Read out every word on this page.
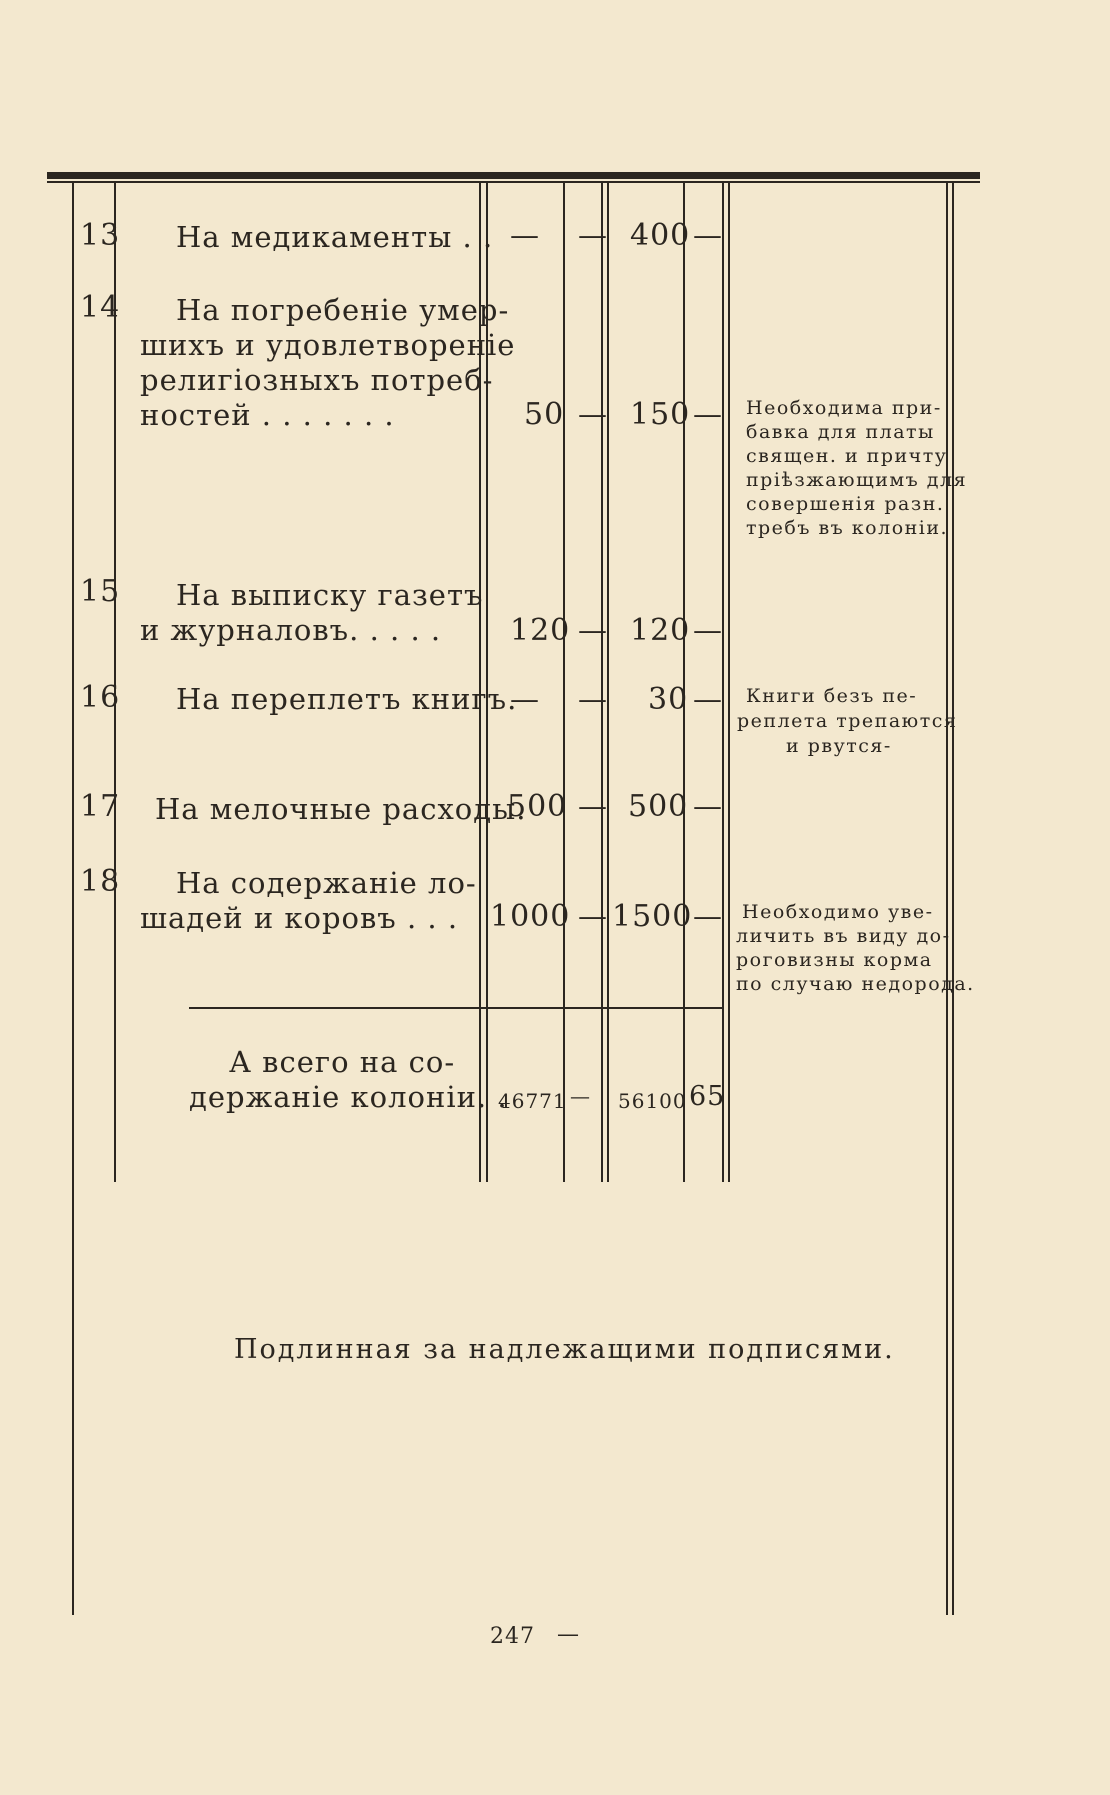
13 На медикаменты . . — — 400 —
14 На погребеніе умер-
шихъ и удовлетвореніе
религіозныхъ потреб-
ностей . . . . . . .	50 — 150 — Необходима при-
бавка для платы
священ. и причту
пріѣзжающимъ для
совершенія разн.
требъ въ колоніи.
15 На выписку газетъ
и журналовъ. . . . . 120 — 120 —
16 На переплетъ книгъ.
— — 30 — Книги безъ пе-
реплета трепаются
и рвутся-
17 На мелочные расходы.
500 — 500 —
18 На содержаніе ло-
шадей и коровъ . . . 1000 — 1500 — Необходимо уве-
личить въ виду до-
роговизны корма
по случаю недорода.
А всего на со-
держаніе колоніи. .
46771 — 56100 65
Подлинная за надлежащими подписями.
247 —
